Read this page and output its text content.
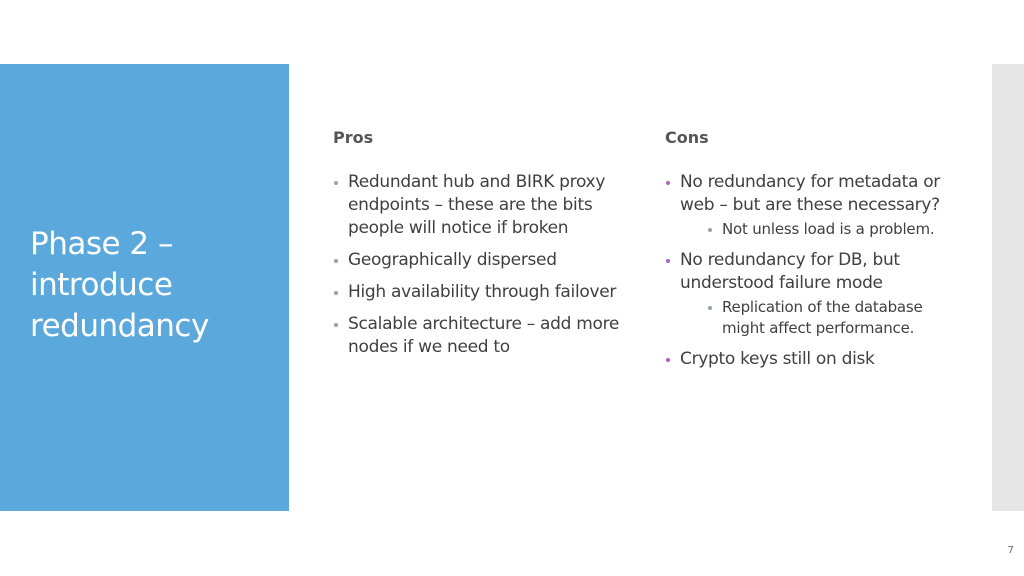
Phase 2 – introduce redundancy
Pros
Redundant hub and BIRK proxy endpoints – these are the bits people will notice if broken
Geographically dispersed
High availability through failover
Scalable architecture – add more nodes if we need to
Cons
No redundancy for metadata or web – but are these necessary?
Not unless load is a problem.
No redundancy for DB, but understood failure mode
Replication of the database might affect performance.
Crypto keys still on disk
7
